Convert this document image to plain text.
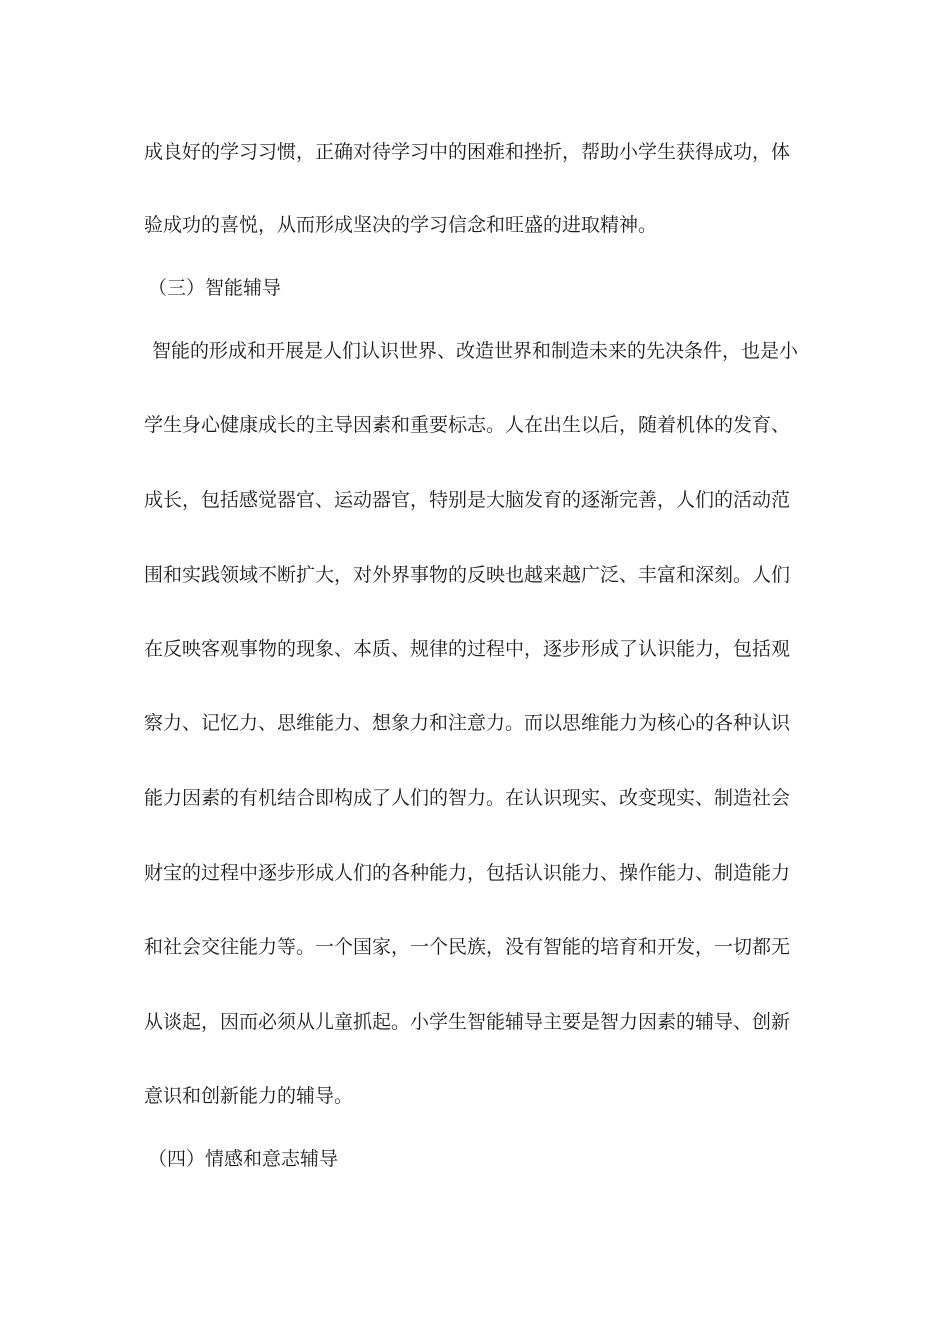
成良好的学习习惯，正确对待学习中的困难和挫折，帮助小学生获得成功，体
验成功的喜悦，从而形成坚决的学习信念和旺盛的进取精神。
（三）智能辅导
智能的形成和开展是人们认识世界、改造世界和制造未来的先决条件，也是小
学生身心健康成长的主导因素和重要标志。人在出生以后，随着机体的发育、
成长，包括感觉器官、运动器官，特别是大脑发育的逐渐完善，人们的活动范
围和实践领域不断扩大，对外界事物的反映也越来越广泛、丰富和深刻。人们
在反映客观事物的现象、本质、规律的过程中，逐步形成了认识能力，包括观
察力、记忆力、思维能力、想象力和注意力。而以思维能力为核心的各种认识
能力因素的有机结合即构成了人们的智力。在认识现实、改变现实、制造社会
财宝的过程中逐步形成人们的各种能力，包括认识能力、操作能力、制造能力
和社会交往能力等。一个国家，一个民族，没有智能的培育和开发，一切都无
从谈起，因而必须从儿童抓起。小学生智能辅导主要是智力因素的辅导、创新
意识和创新能力的辅导。
（四）情感和意志辅导
